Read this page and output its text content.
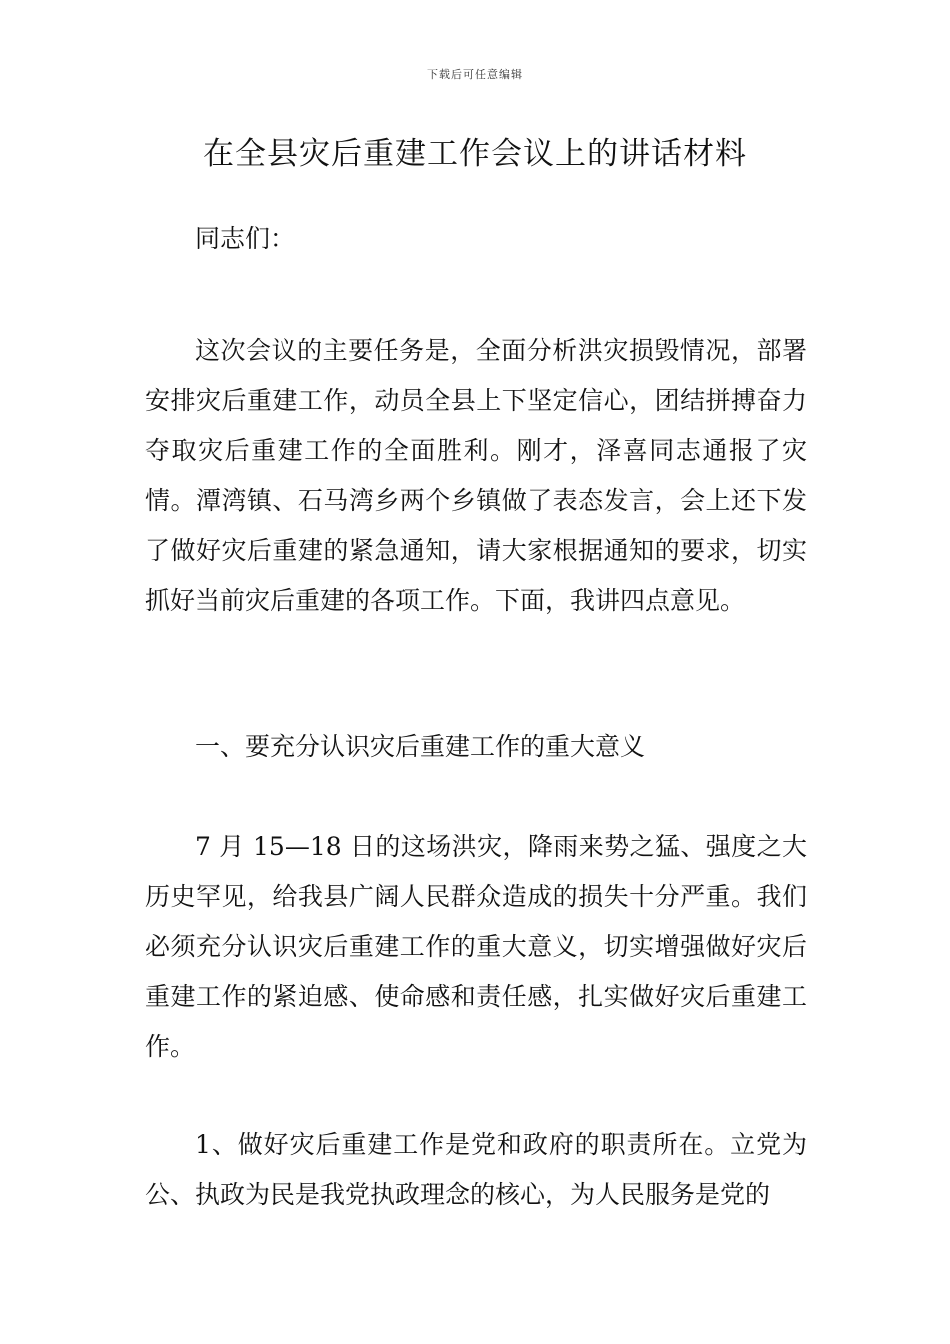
下载后可任意编辑
在全县灾后重建工作会议上的讲话材料

同志们：

这次会议的主要任务是，全面分析洪灾损毁情况，部署安排灾后重建工作，动员全县上下坚定信心，团结拼搏奋力夺取灾后重建工作的全面胜利。刚才，泽喜同志通报了灾情。潭湾镇、石马湾乡两个乡镇做了表态发言，会上还下发了做好灾后重建的紧急通知，请大家根据通知的要求，切实抓好当前灾后重建的各项工作。下面，我讲四点意见。

一、要充分认识灾后重建工作的重大意义

7 月 15—18 日的这场洪灾，降雨来势之猛、强度之大历史罕见，给我县广阔人民群众造成的损失十分严重。我们必须充分认识灾后重建工作的重大意义，切实增强做好灾后重建工作的紧迫感、使命感和责任感，扎实做好灾后重建工作。

1、做好灾后重建工作是党和政府的职责所在。立党为公、执政为民是我党执政理念的核心，为人民服务是党的
